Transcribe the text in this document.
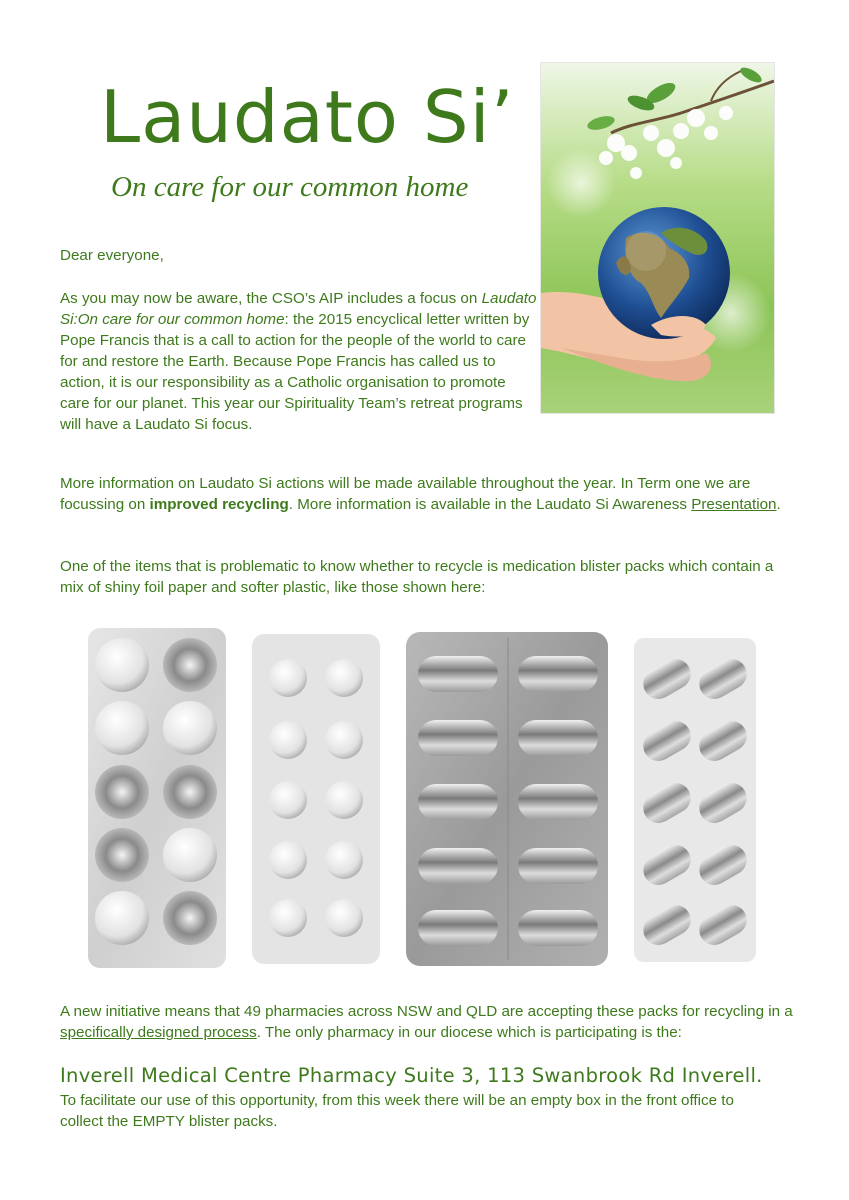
Laudato Si’
On care for our common home
Dear everyone,
As you may now be aware, the CSO’s AIP includes a focus on Laudato Si:On care for our common home: the 2015 encyclical letter written by Pope Francis that is a call to action for the people of the world to care for and restore the Earth. Because Pope Francis has called us to action, it is our responsibility as a Catholic organisation to promote care for our planet. This year our Spirituality Team’s retreat programs will have a Laudato Si focus.
More information on Laudato Si actions will be made available throughout the year. In Term one we are focussing on improved recycling. More information is available in the Laudato Si Awareness Presentation.
One of the items that is problematic to know whether to recycle is medication blister packs which contain a mix of shiny foil paper and softer plastic, like those shown here:
A new initiative means that 49 pharmacies across NSW and QLD are accepting these packs for recycling in a specifically designed process. The only pharmacy in our diocese which is participating is the:
Inverell Medical Centre Pharmacy Suite 3, 113 Swanbrook Rd Inverell.
To facilitate our use of this opportunity, from this week there will be an empty box in the front office to collect the EMPTY blister packs.
